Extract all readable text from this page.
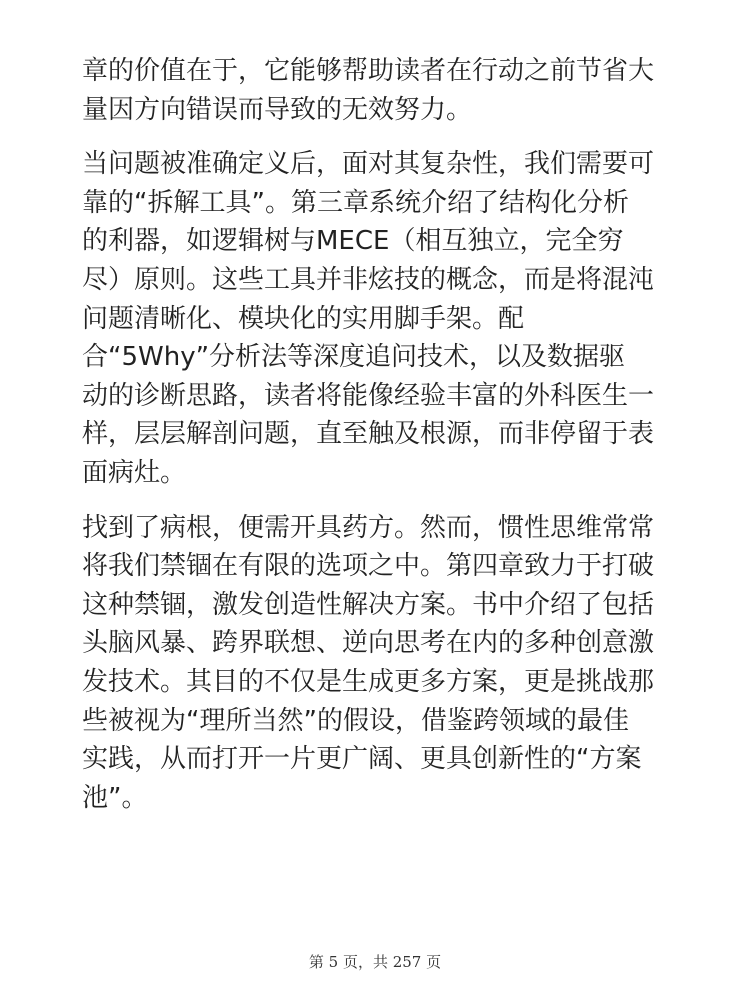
章的价值在于，它能够帮助读者在行动之前节省大
量因方向错误而导致的无效努力。
当问题被准确定义后，面对其复杂性，我们需要可
靠的“拆解工具”。第三章系统介绍了结构化分析
的利器，如逻辑树与MECE（相互独立，完全穷
尽）原则。这些工具并非炫技的概念，而是将混沌
问题清晰化、模块化的实用脚手架。配
合“5Why”分析法等深度追问技术，以及数据驱
动的诊断思路，读者将能像经验丰富的外科医生一
样，层层解剖问题，直至触及根源，而非停留于表
面病灶。
找到了病根，便需开具药方。然而，惯性思维常常
将我们禁锢在有限的选项之中。第四章致力于打破
这种禁锢，激发创造性解决方案。书中介绍了包括
头脑风暴、跨界联想、逆向思考在内的多种创意激
发技术。其目的不仅是生成更多方案，更是挑战那
些被视为“理所当然”的假设，借鉴跨领域的最佳
实践，从而打开一片更广阔、更具创新性的“方案
池”。
第 5 页，共 257 页
